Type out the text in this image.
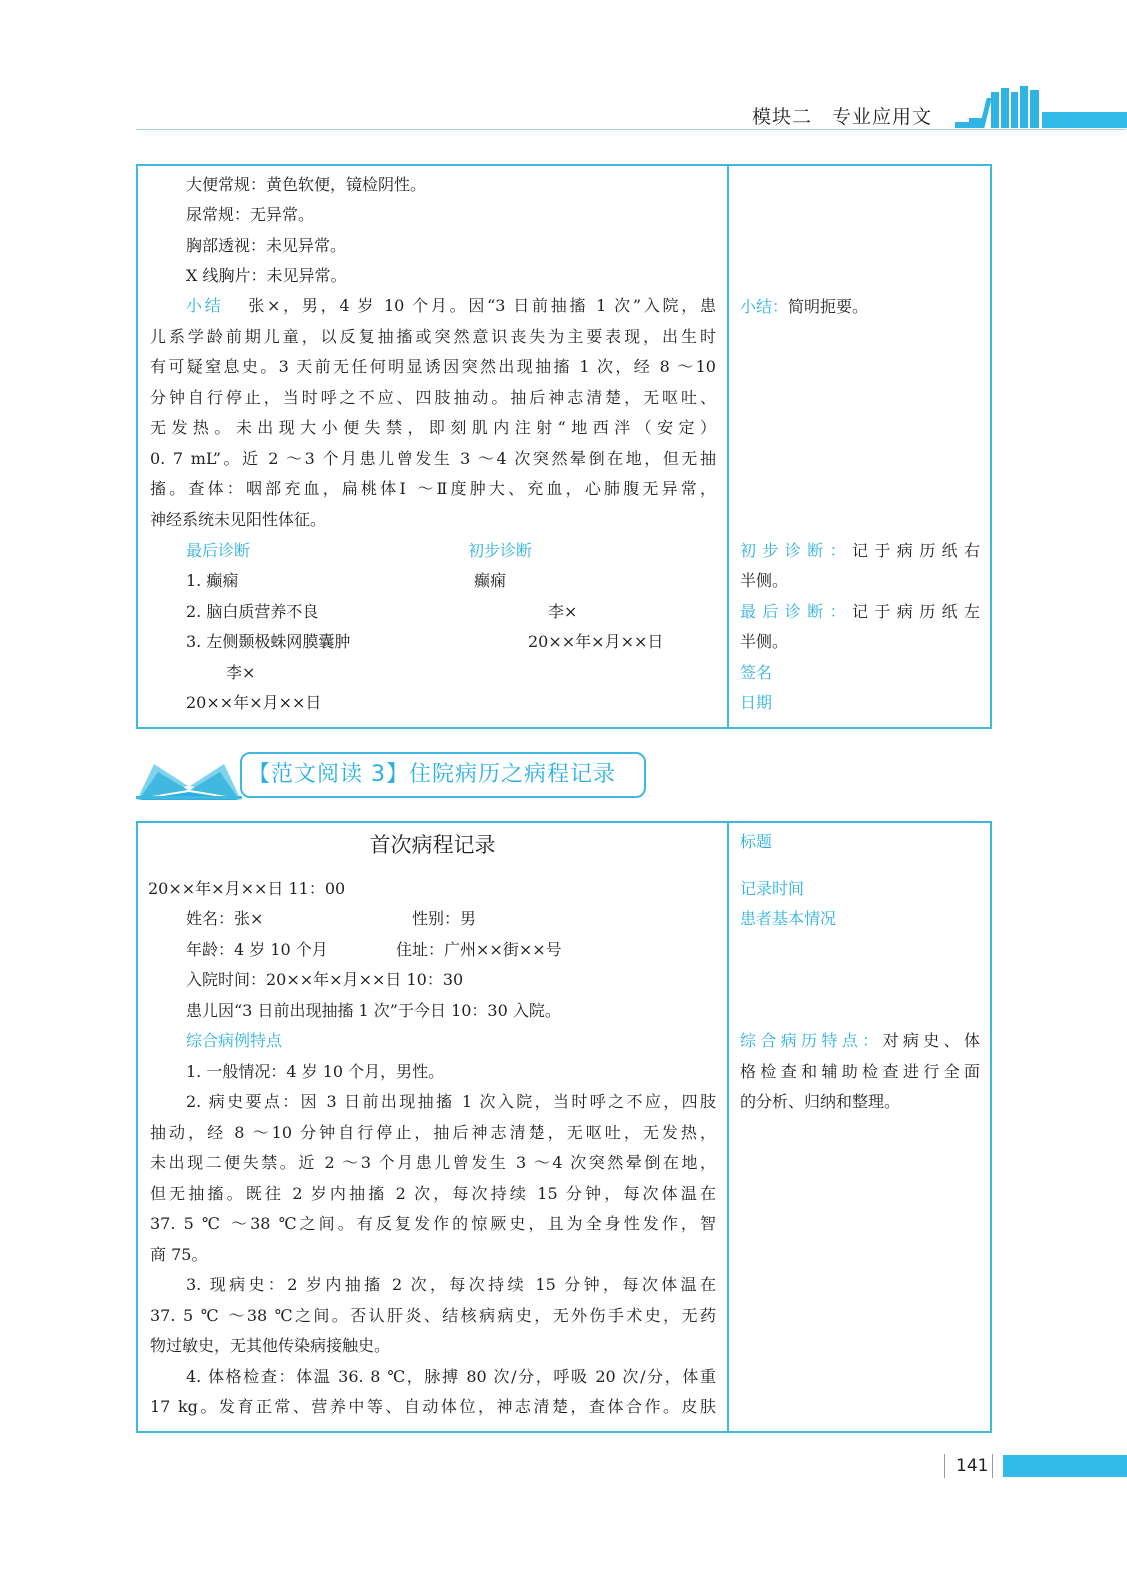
模块二　专业应用文
大便常规：黄色软便，镜检阴性。
尿常规：无异常。
胸部透视：未见异常。
X 线胸片：未见异常。
小结 张×，男，4 岁 10 个月。因“3 日前抽搐 1 次”入院，患
儿系学龄前期儿童，以反复抽搐或突然意识丧失为主要表现，出生时
有可疑窒息史。3 天前无任何明显诱因突然出现抽搐 1 次，经 8 ～10
分钟自行停止，当时呼之不应、四肢抽动。抽后神志清楚，无呕吐、
无发热。未出现大小便失禁，即刻肌内注射“地西泮（安定）
0. 7 mL”。近 2 ～3 个月患儿曾发生 3 ～4 次突然晕倒在地，但无抽
搐。查体：咽部充血，扁桃体Ⅰ ～Ⅱ度肿大、充血，心肺腹无异常，
神经系统未见阳性体征。
最后诊断	初步诊断
1. 癫痫	癫痫
2. 脑白质营养不良	李×
3. 左侧颞极蛛网膜囊肿	20××年×月××日
李×
20××年×月××日
小结：简明扼要。
初步诊断：记于病历纸右
半侧。
最后诊断：记于病历纸左
半侧。
签名
日期
【范文阅读 3】住院病历之病程记录
首次病程记录
20××年×月××日 11：00
姓名：张×	性别：男
年龄：4 岁 10 个月	住址：广州××街××号
入院时间：20××年×月××日 10：30
患儿因“3 日前出现抽搐 1 次”于今日 10：30 入院。
综合病例特点
1. 一般情况：4 岁 10 个月，男性。
2. 病史要点：因 3 日前出现抽搐 1 次入院，当时呼之不应，四肢
抽动，经 8 ～10 分钟自行停止，抽后神志清楚，无呕吐，无发热，
未出现二便失禁。近 2 ～3 个月患儿曾发生 3 ～4 次突然晕倒在地，
但无抽搐。既往 2 岁内抽搐 2 次，每次持续 15 分钟，每次体温在
37. 5 ℃ ～38 ℃之间。有反复发作的惊厥史，且为全身性发作，智
商 75。
3. 现病史：2 岁内抽搐 2 次，每次持续 15 分钟，每次体温在
37. 5 ℃ ～38 ℃之间。否认肝炎、结核病病史，无外伤手术史，无药
物过敏史，无其他传染病接触史。
4. 体格检查：体温 36. 8 ℃，脉搏 80 次/分，呼吸 20 次/分，体重
17 kg。发育正常、营养中等、自动体位，神志清楚，查体合作。皮肤
标题
记录时间
患者基本情况
综合病历特点：对病史、体
格检查和辅助检查进行全面
的分析、归纳和整理。
141
